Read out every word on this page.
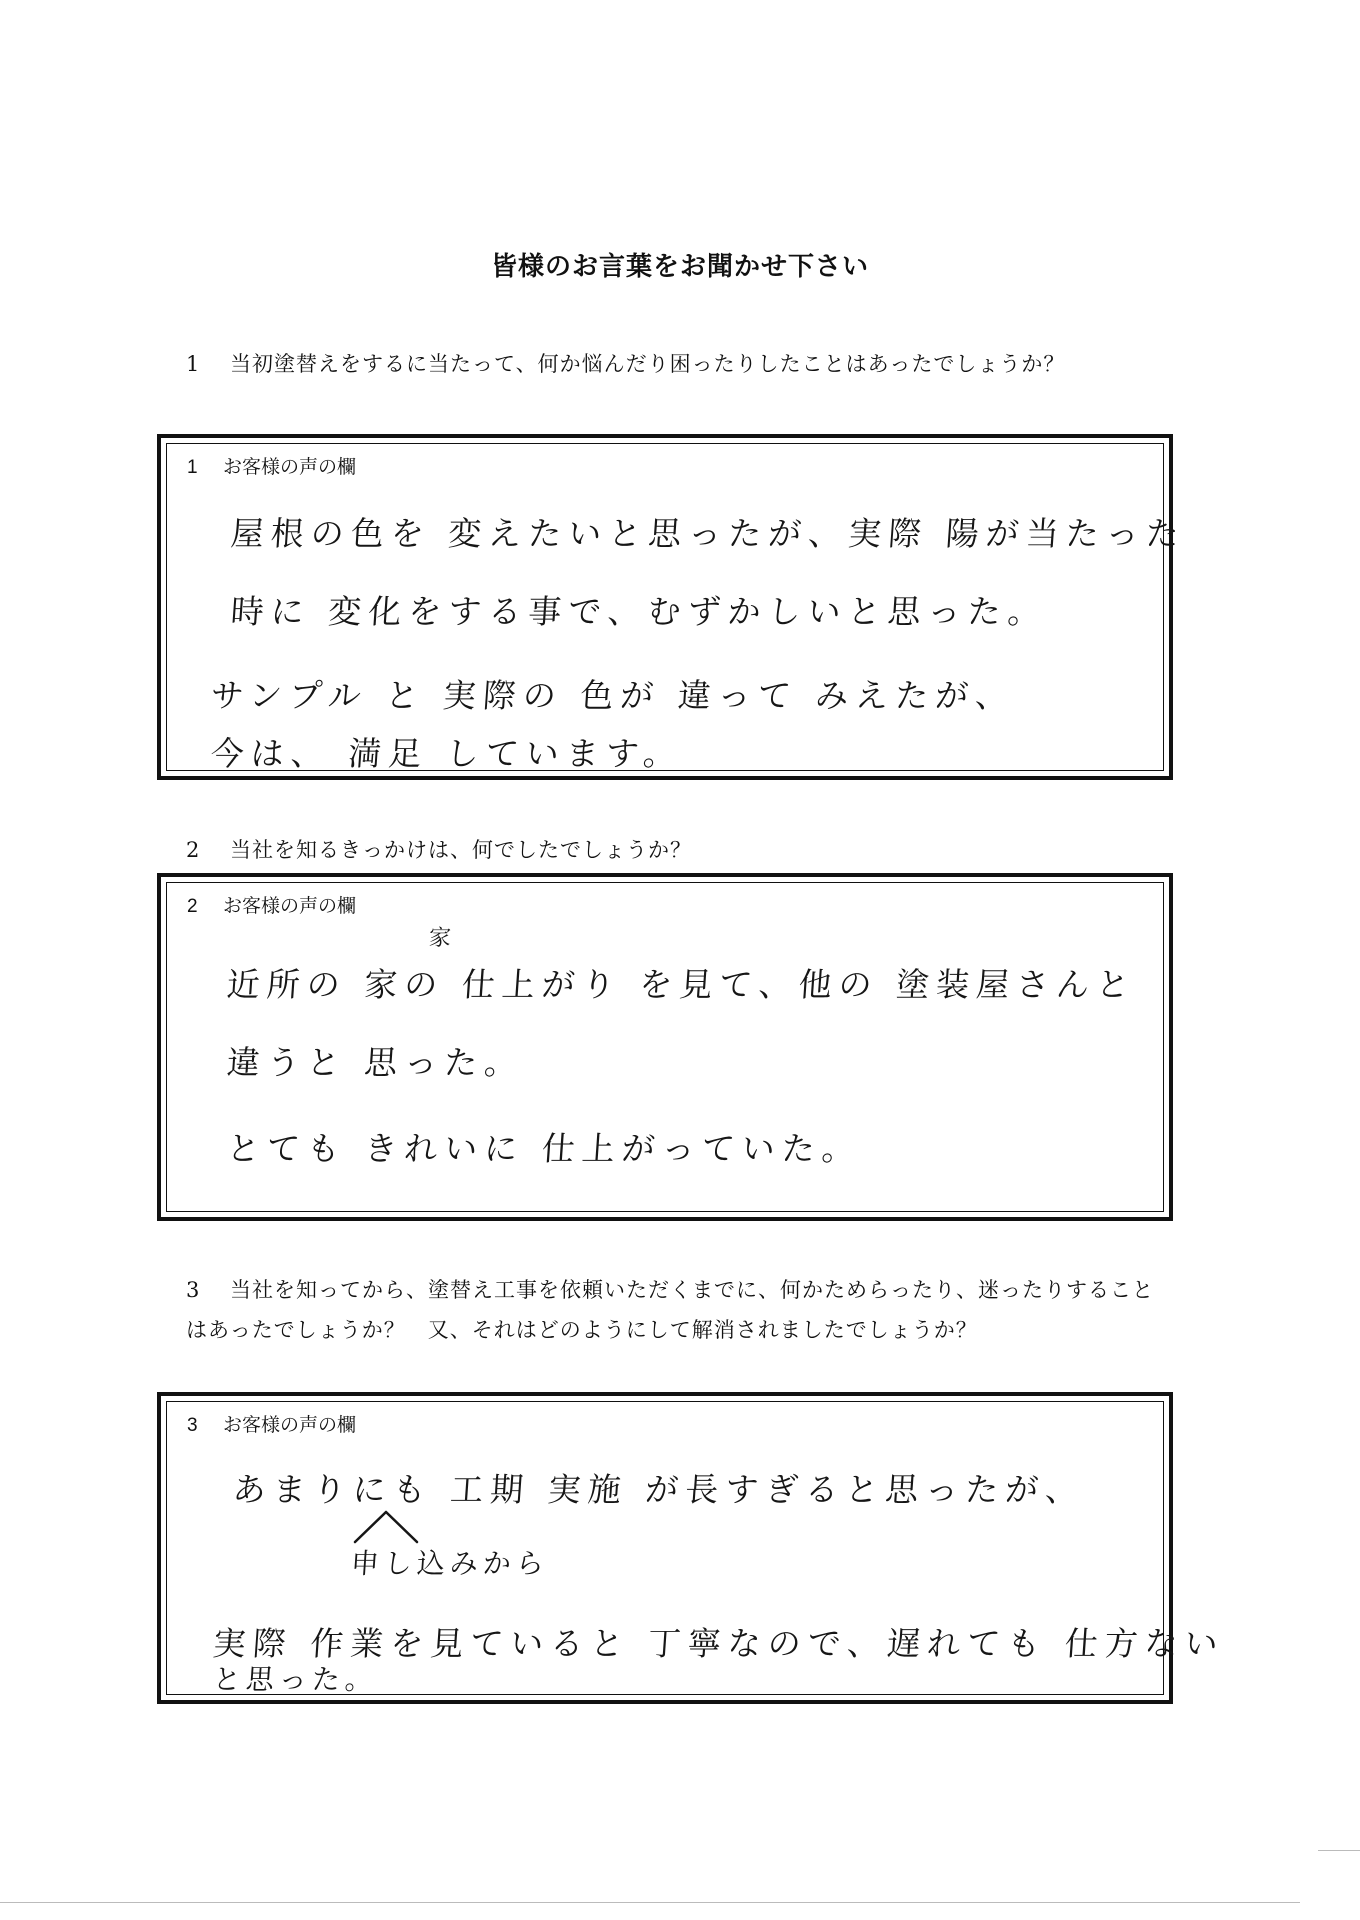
皆様のお言葉をお聞かせ下さい
1 当初塗替えをするに当たって、何か悩んだり困ったりしたことはあったでしょうか？
1 お客様の声の欄
屋根の色を 変えたいと思ったが、実際 陽が当たった
時に 変化をする事で、むずかしいと思った。
サンプル と 実際の 色が 違って みえたが、
今は、 満足 しています。
2 当社を知るきっかけは、何でしたでしょうか？
2 お客様の声の欄
家
近所の 家の 仕上がり を見て、他の 塗装屋さんと
違うと 思った。
とても きれいに 仕上がっていた。
3 当社を知ってから、塗替え工事を依頼いただくまでに、何かためらったり、迷ったりすることはあったでしょうか？　又、それはどのようにして解消されましたでしょうか？
3 お客様の声の欄
あまりにも 工期 実施 が長すぎると思ったが、
申し込みから
実際 作業を見ていると 丁寧なので、遅れても 仕方ない
と思った。
